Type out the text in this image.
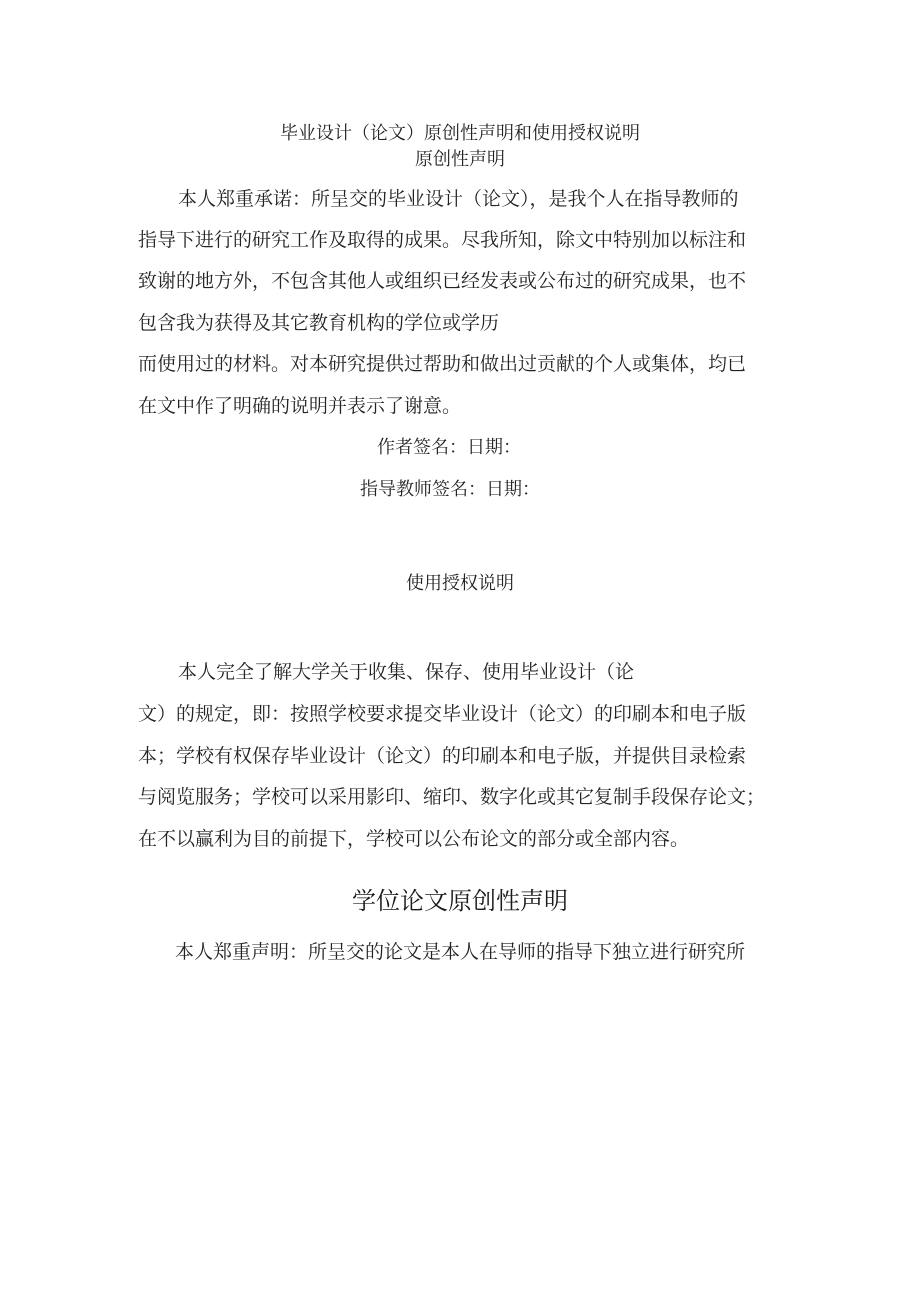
毕业设计（论文）原创性声明和使用授权说明
原创性声明
本人郑重承诺：所呈交的毕业设计（论文），是我个人在指导教师的
指导下进行的研究工作及取得的成果。尽我所知，除文中特别加以标注和
致谢的地方外，不包含其他人或组织已经发表或公布过的研究成果，也不
包含我为获得及其它教育机构的学位或学历
而使用过的材料。对本研究提供过帮助和做出过贡献的个人或集体，均已
在文中作了明确的说明并表示了谢意。
作者签名：日期：
指导教师签名：日期：
使用授权说明
本人完全了解大学关于收集、保存、使用毕业设计（论
文）的规定，即：按照学校要求提交毕业设计（论文）的印刷本和电子版
本；学校有权保存毕业设计（论文）的印刷本和电子版，并提供目录检索
与阅览服务；学校可以采用影印、缩印、数字化或其它复制手段保存论文；
在不以赢利为目的前提下，学校可以公布论文的部分或全部内容。
学位论文原创性声明
本人郑重声明：所呈交的论文是本人在导师的指导下独立进行研究所
